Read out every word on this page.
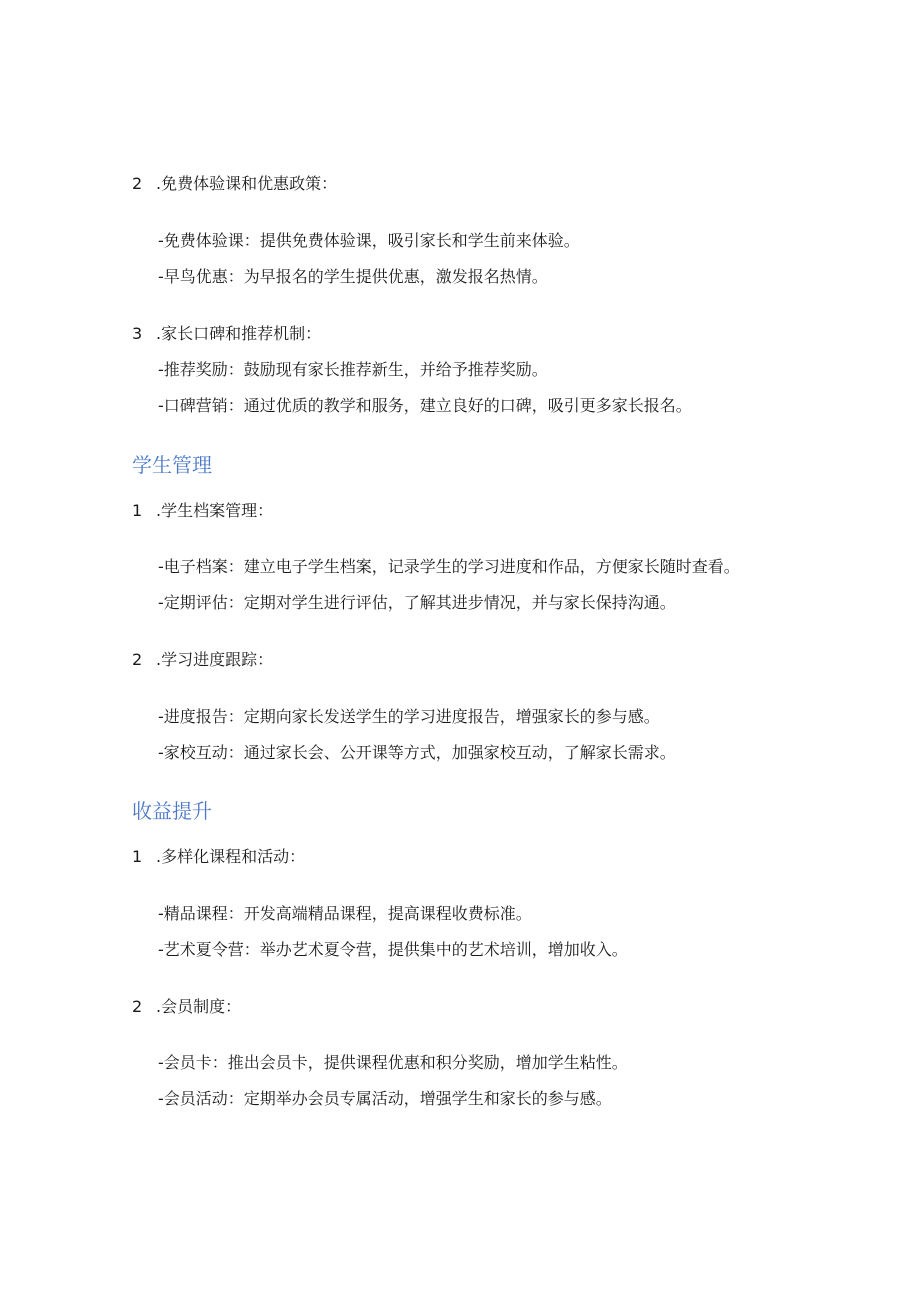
2 .免费体验课和优惠政策：
-免费体验课：提供免费体验课，吸引家长和学生前来体验。
-早鸟优惠：为早报名的学生提供优惠，激发报名热情。
3 .家长口碑和推荐机制：
-推荐奖励：鼓励现有家长推荐新生，并给予推荐奖励。
-口碑营销：通过优质的教学和服务，建立良好的口碑，吸引更多家长报名。
学生管理
1 .学生档案管理：
-电子档案：建立电子学生档案，记录学生的学习进度和作品，方便家长随时查看。
-定期评估：定期对学生进行评估，了解其进步情况，并与家长保持沟通。
2 .学习进度跟踪：
-进度报告：定期向家长发送学生的学习进度报告，增强家长的参与感。
-家校互动：通过家长会、公开课等方式，加强家校互动，了解家长需求。
收益提升
1 .多样化课程和活动：
-精品课程：开发高端精品课程，提高课程收费标准。
-艺术夏令营：举办艺术夏令营，提供集中的艺术培训，增加收入。
2 .会员制度：
-会员卡：推出会员卡，提供课程优惠和积分奖励，增加学生粘性。
-会员活动：定期举办会员专属活动，增强学生和家长的参与感。
